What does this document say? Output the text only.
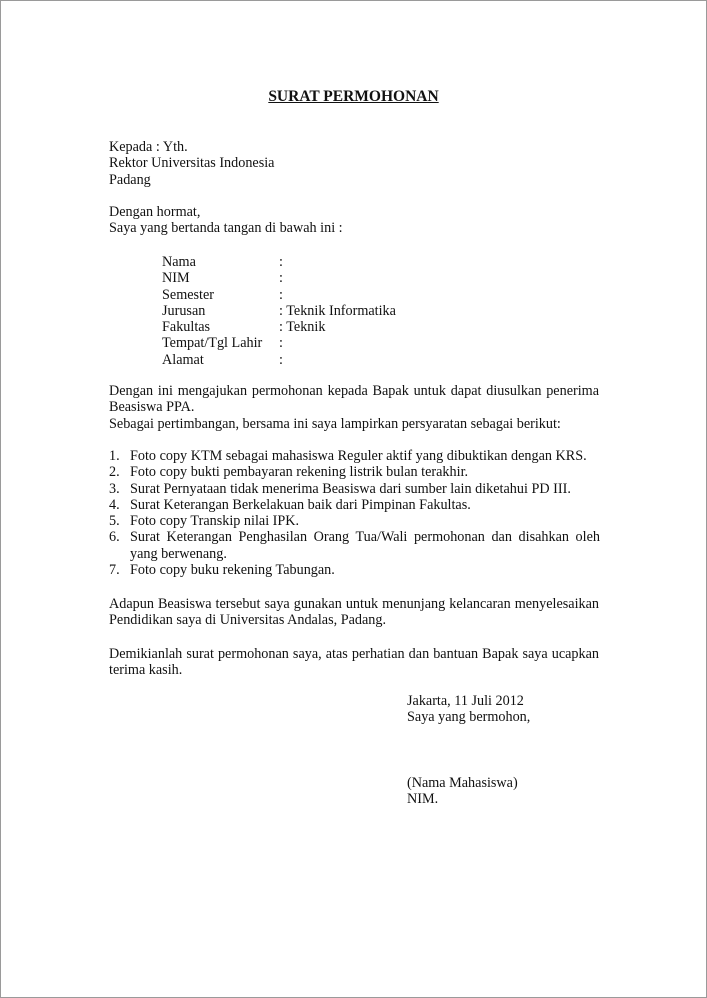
SURAT PERMOHONAN
Kepada : Yth.
Rektor Universitas Indonesia
Padang
Dengan hormat,
Saya yang bertanda tangan di bawah ini :
Nama	:
NIM	:
Semester	:
Jurusan	: Teknik Informatika
Fakultas	: Teknik
Tempat/Tgl Lahir	:
Alamat	:
Dengan ini mengajukan permohonan kepada Bapak untuk dapat diusulkan penerima Beasiswa PPA.
Sebagai pertimbangan, bersama ini saya lampirkan persyaratan sebagai berikut:
1. Foto copy KTM sebagai mahasiswa Reguler aktif yang dibuktikan dengan KRS.
2. Foto copy bukti pembayaran rekening listrik bulan terakhir.
3. Surat Pernyataan tidak menerima Beasiswa dari sumber lain diketahui PD III.
4. Surat Keterangan Berkelakuan baik dari Pimpinan Fakultas.
5. Foto copy Transkip nilai IPK.
6. Surat Keterangan Penghasilan Orang Tua/Wali permohonan dan disahkan oleh yang berwenang.
7. Foto copy buku rekening Tabungan.
Adapun Beasiswa tersebut saya gunakan untuk menunjang kelancaran menyelesaikan Pendidikan saya di Universitas Andalas, Padang.
Demikianlah surat permohonan saya, atas perhatian dan bantuan Bapak saya ucapkan terima kasih.
Jakarta, 11 Juli 2012
Saya yang bermohon,
(Nama Mahasiswa)
NIM.
